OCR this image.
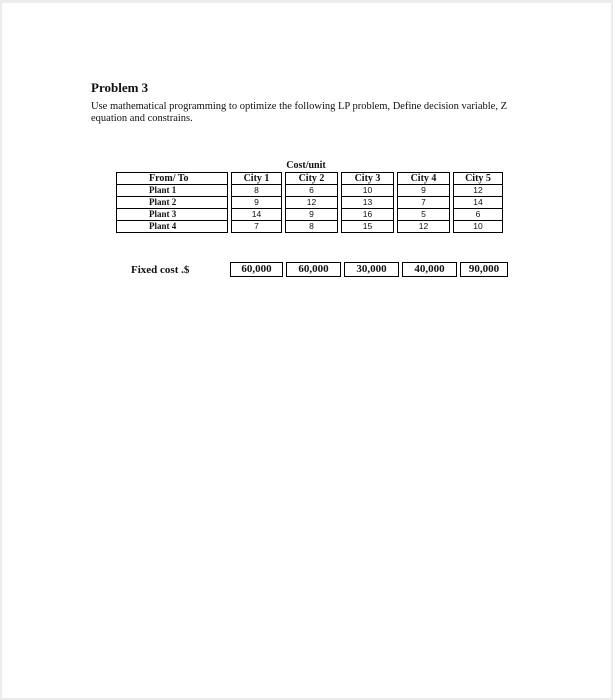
Problem 3
Use mathematical programming to optimize the following LP problem, Define decision variable, Z equation and constrains.
Cost/unit
From/ To		City 1		City 2		City 3		City 4		City 5
Plant 1		8		6		10		9		12
Plant 2		9		12		13		7		14
Plant 3		14		9		16		5		6
Plant 4		7		8		15		12		10
Fixed cost .$	60,000	60,000	30,000	40,000	90,000
